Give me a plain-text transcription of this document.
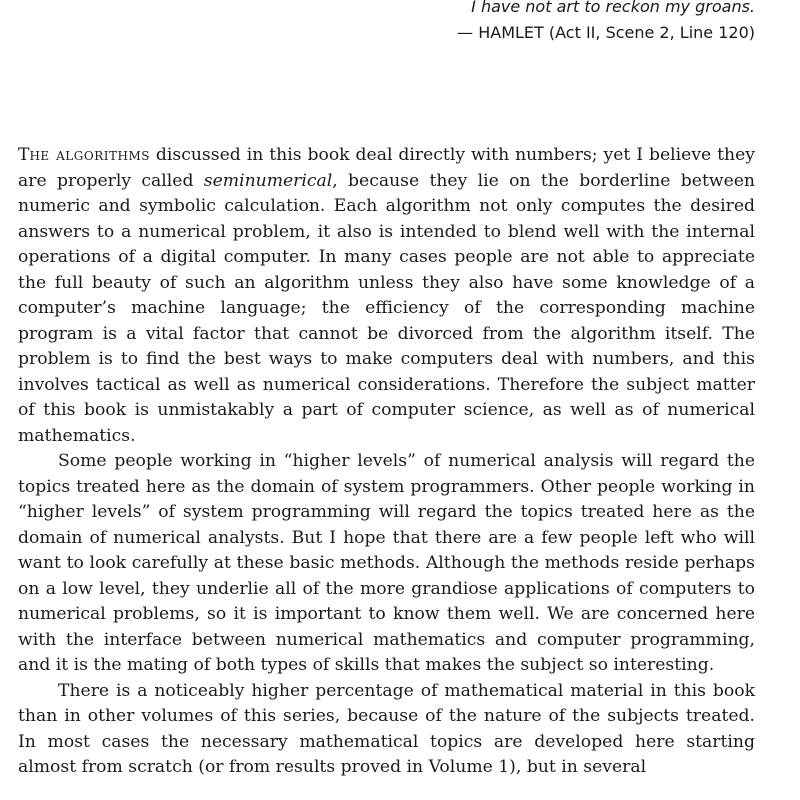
I have not art to reckon my groans.
— HAMLET (Act II, Scene 2, Line 120)

The algorithms discussed in this book deal directly with numbers; yet I believe they are properly called seminumerical, because they lie on the borderline between numeric and symbolic calculation. Each algorithm not only computes the desired answers to a numerical problem, it also is intended to blend well with the internal operations of a digital computer. In many cases people are not able to appreciate the full beauty of such an algorithm unless they also have some knowledge of a computer’s machine language; the efficiency of the corresponding machine program is a vital factor that cannot be divorced from the algorithm itself. The problem is to find the best ways to make computers deal with numbers, and this involves tactical as well as numerical considerations. Therefore the subject matter of this book is unmistakably a part of computer science, as well as of numerical mathematics.

Some people working in “higher levels” of numerical analysis will regard the topics treated here as the domain of system programmers. Other people working in “higher levels” of system programming will regard the topics treated here as the domain of numerical analysts. But I hope that there are a few people left who will want to look carefully at these basic methods. Although the methods reside perhaps on a low level, they underlie all of the more grandiose applications of computers to numerical problems, so it is important to know them well. We are concerned here with the interface between numerical mathematics and computer programming, and it is the mating of both types of skills that makes the subject so interesting.

There is a noticeably higher percentage of mathematical material in this book than in other volumes of this series, because of the nature of the subjects treated. In most cases the necessary mathematical topics are developed here starting almost from scratch (or from results proved in Volume 1), but in several
